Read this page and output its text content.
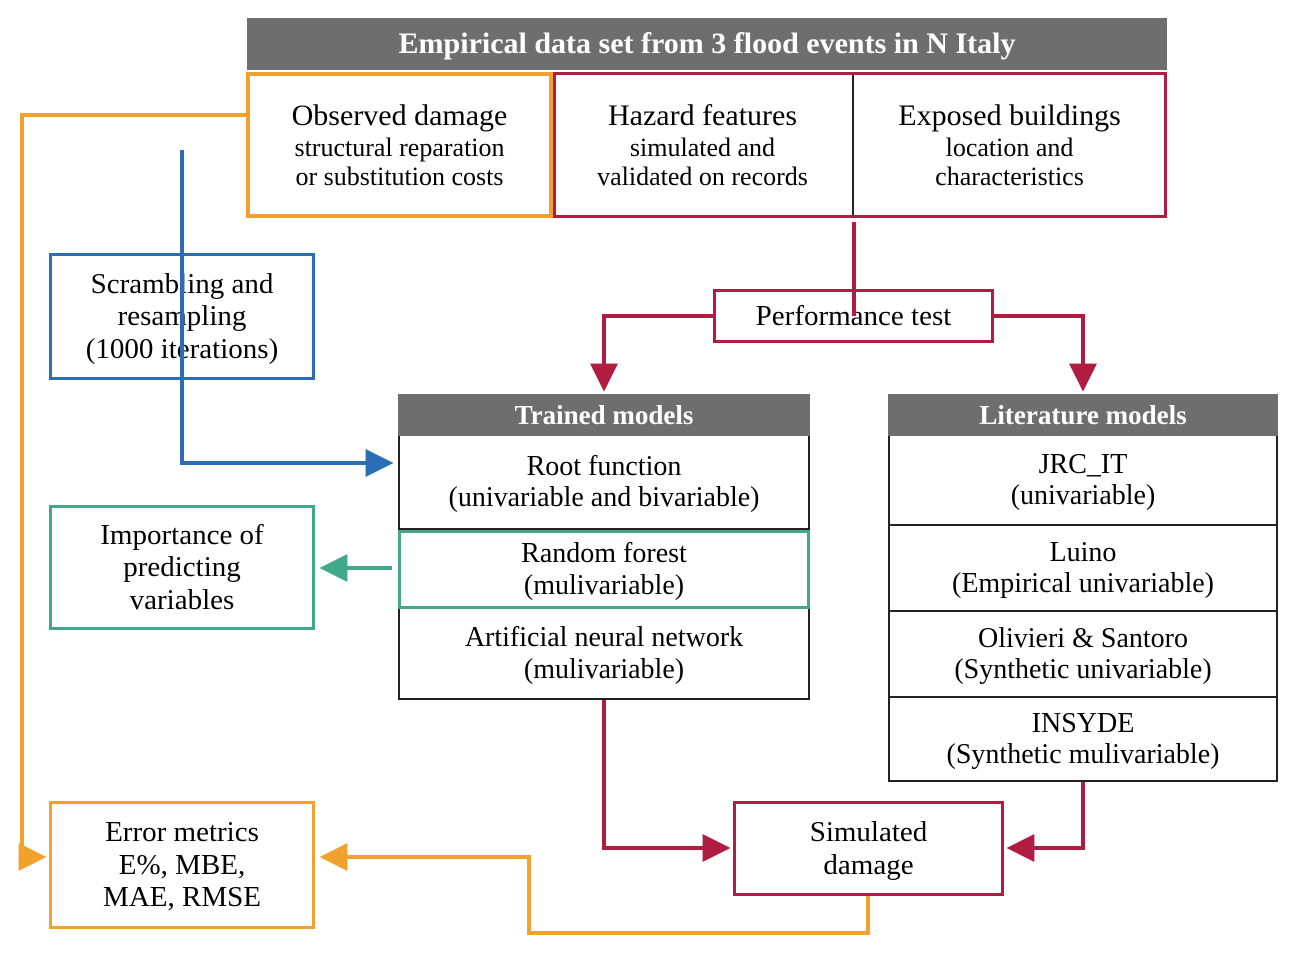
Empirical data set from 3 flood events in N Italy
Observed damage
structural reparation
or substitution costs
Hazard features
simulated and
validated on records
Exposed buildings
location and
characteristics
Scrambling and
resampling
(1000 iterations)
Performance test
Trained models
Root function
(univariable and bivariable)
Random forest
(mulivariable)
Artificial neural network
(mulivariable)
Literature models
JRC_IT
(univariable)
Luino
(Empirical univariable)
Olivieri & Santoro
(Synthetic univariable)
INSYDE
(Synthetic mulivariable)
Importance of
predicting
variables
Error metrics
E%, MBE,
MAE, RMSE
Simulated
damage
